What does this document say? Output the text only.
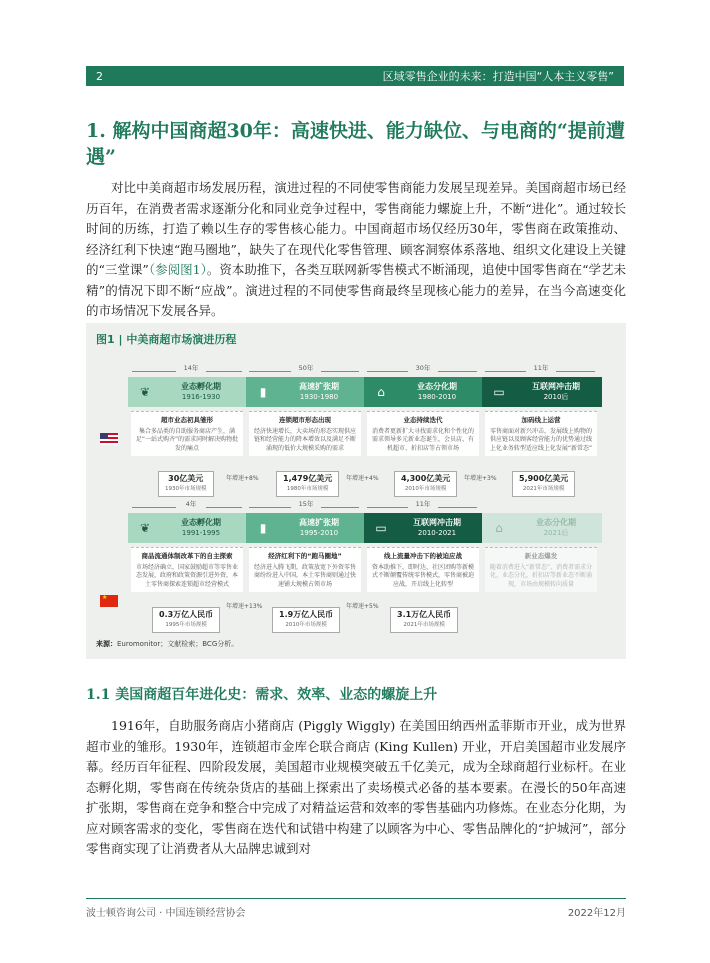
2	区域零售企业的未来：打造中国“人本主义零售”
1. 解构中国商超30年：高速快进、能力缺位、与电商的“提前遭遇”
对比中美商超市场发展历程，演进过程的不同使零售商能力发展呈现差异。美国商超市场已经历百年，在消费者需求逐渐分化和同业竞争过程中，零售商能力螺旋上升，不断“进化”。通过较长时间的历练，打造了赖以生存的零售核心能力。中国商超市场仅经历30年，零售商在政策推动、经济红利下快速“跑马圈地”，缺失了在现代化零售管理、顾客洞察体系落地、组织文化建设上关键的“三堂课”（参阅图1）。资本助推下，各类互联网新零售模式不断涌现，追使中国零售商在“学艺未精”的情况下即不断“应战”。演进过程的不同使零售商最终呈现核心能力的差异，在当今高速变化的市场情况下发展各异。
图1 | 中美商超市场演进历程
14年	50年	30年	11年
❦	业态孵化期
1916-1930	▮	高速扩张期
1930-1980	⌂	业态分化期
1980-2010	▭	互联网冲击期
2010后
超市业态初具雏形
集合多品类的自助服务商店产生，满足“一站式购齐”的需求同时解决购物批发的痛点
连锁超市形态出现
经济快速增长，大卖场的形态实现供应链和经营能力的降本增效以及满足不断涌现的低价大规模采购的需求
业态持续迭代
消费者更新扩大寻找需求化和个性化的需求领导多元新业态诞生，会员店、有机超市、折扣店等占领市场
加码线上运营
零售商面对新兴冲击，发展线上购物的供应链以及顾客经营能力的优势通过线上化业务转型适应线上化发展“新常态”
30亿美元
1930年市场规模
年增速+8%	1,479亿美元
1980年市场规模
年增速+4%	4,300亿美元
2010年市场规模
年增速+3%	5,900亿美元
2021年市场规模
★
4年	15年	11年
❦	业态孵化期
1991-1995	▮	高速扩张期
1995-2010	▭	互联网冲击期
2010-2021	⌂	业态分化期
2021后
商品流通体制改革下的自主探索
市场经济确立，国家鼓励超市等零售业态发展，政府和政策资源引进外资，本土零售商探索连锁超市经营模式
经济红利下的“跑马圈地”
经济进入腾飞期，政策放宽下外资零售商纷纷进入中国，本土零售商则通过快速铺大规模占领市场
线上流量冲击下的被迫应战
资本助推下，即时达、社区团购等新模式不断颠覆传统零售模式，零售商被迫应战，开启线上化转型
新业态爆发
随着消费进入“新常态”，消费者需求分化，业态分化，折扣店等新业态不断涌现，市场由规模转向质量
0.3万亿人民币
1995年市场规模
年增速+13%
1.9万亿人民币
2010年市场规模
年增速+5%
3.1万亿人民币
2021年市场规模
来源：Euromonitor；文献检索；BCG分析。
1.1 美国商超百年进化史：需求、效率、业态的螺旋上升
1916年，自助服务商店小猪商店 (Piggly Wiggly) 在美国田纳西州孟菲斯市开业，成为世界超市业的雏形。1930年，连锁超市金库仑联合商店 (King Kullen) 开业，开启美国超市业发展序幕。经历百年征程、四阶段发展，美国超市业规模突破五千亿美元，成为全球商超行业标杆。在业态孵化期，零售商在传统杂货店的基础上探索出了卖场模式必备的基本要素。在漫长的50年高速扩张期，零售商在竞争和整合中完成了对精益运营和效率的零售基础内功修炼。在业态分化期，为应对顾客需求的变化，零售商在迭代和试错中构建了以顾客为中心、零售品牌化的“护城河”，部分零售商实现了让消费者从大品牌忠诚到对
波士顿咨询公司 · 中国连锁经营协会	2022年12月
